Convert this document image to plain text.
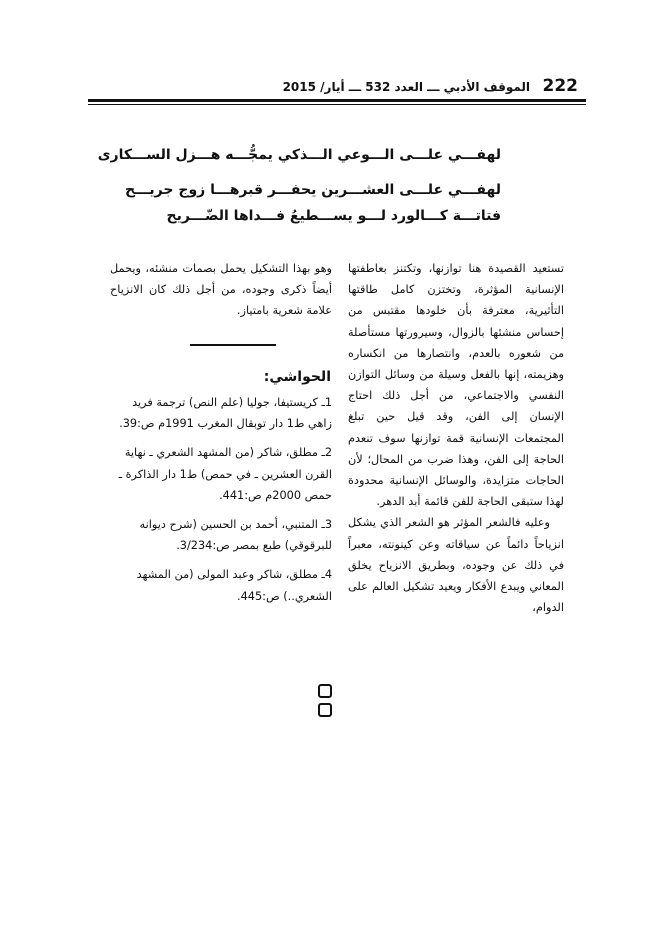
222
الموقف الأدبي ـــ العدد 532 ـــ أيار/ 2015
لهفـــي علـــى الـــوعي الـــذكي يمجُّـــه هـــزل الســـكارى
لهفـــي علـــى العشـــرين يحفـــر قبرهـــا زوج جريـــح
فتاتـــة كـــالورد لـــو يســـطيعُ فـــداها الضّـــريح

تستعيد القصيدة هنا توازنها، وتكتنز بعاطفتها الإنسانية المؤثرة، وتختزن كامل طاقتها التأثيرية، معترفة بأن خلودها مقتبس من إحساس منشئها بالزوال، وسيرورتها مستأصلة من شعوره بالعدم، وانتصارها من انكساره وهزيمته، إنها بالفعل وسيلة من وسائل التوازن النفسي والاجتماعي، من أجل ذلك احتاج الإنسان إلى الفن، وقد قيل حين تبلغ المجتمعات الإنسانية قمة توازنها سوف تنعدم الحاجة إلى الفن، وهذا ضرب من المحال؛ لأن الحاجات متزايدة، والوسائل الإنسانية محدودة لهذا ستبقى الحاجة للفن قائمة أبد الدهر.

وعليه فالشعر المؤثر هو الشعر الذي يشكل انزياحاً دائماً عن سياقاته وعن كينونته، معبراً في ذلك عن وجوده، وبطريق الانزياح يخلق المعاني ويبدع الأفكار ويعيد تشكيل العالم على الدوام،

وهو بهذا التشكيل يحمل بصمات منشئه، ويحمل أيضاً ذكرى وجوده، من أجل ذلك كان الانزياح علامة شعرية بامتياز.

الحواشي:
1ـ كريستيفا، جوليا (علم النص) ترجمة فريد زاهي ط1 دار توبقال المغرب 1991م ص:39.
2ـ مطلق، شاكر (من المشهد الشعري ـ نهاية القرن العشرين ـ في حمص) ط1 دار الذاكرة ـ حمص 2000م ص:441.
3ـ المتنبي، أحمد بن الحسين (شرح ديوانه للبرقوقي) طبع بمصر ص:3/234.
4ـ مطلق، شاكر وعبد المولى (من المشهد الشعري..) ص:445.
